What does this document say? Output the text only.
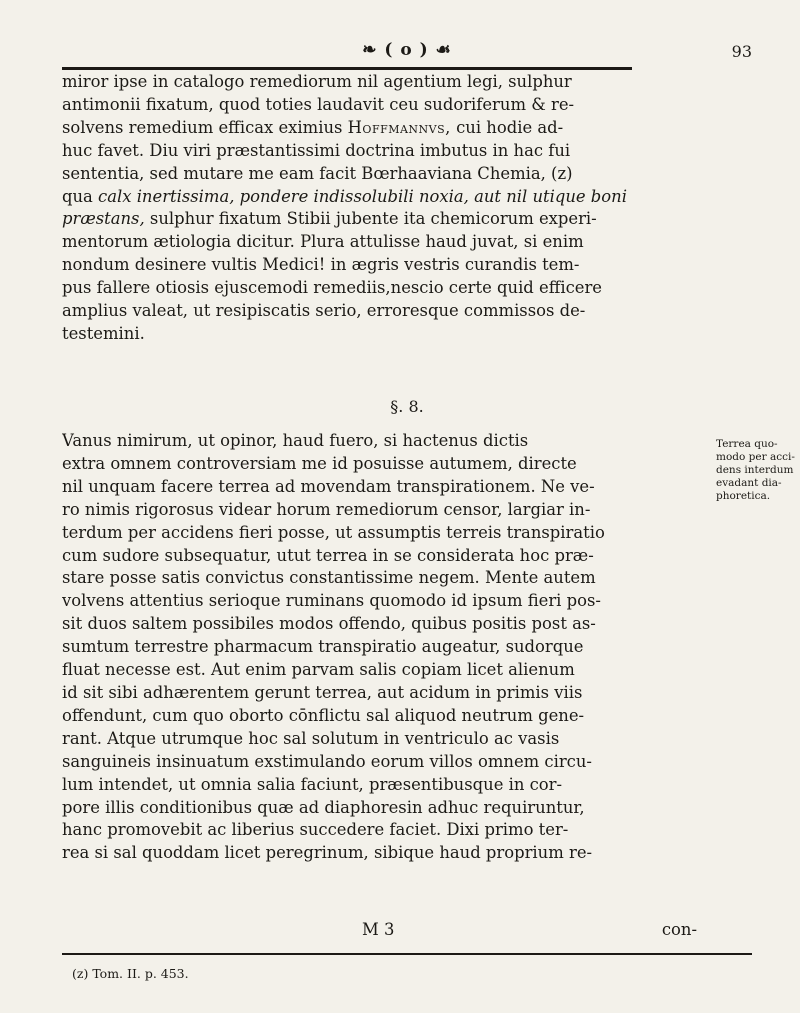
❧ ( o ) ☙	93
miror ipse in catalogo remediorum nil agentium legi, sulphur
antimonii fixatum, quod toties laudavit ceu sudoriferum & re-
solvens remedium efficax eximius Hoffmannvs, cui hodie ad-
huc favet. Diu viri præstantissimi doctrina imbutus in hac fui
sententia, sed mutare me eam facit Bœrhaaviana Chemia, (z)
qua calx inertissima, pondere indissolubili noxia, aut nil utique boni
præstans, sulphur fixatum Stibii jubente ita chemicorum experi-
mentorum ætiologia dicitur. Plura attulisse haud juvat, si enim
nondum desinere vultis Medici! in ægris vestris curandis tem-
pus fallere otiosis ejuscemodi remediis,nescio certe quid efficere
amplius valeat, ut resipiscatis serio, erroresque commissos de-
testemini.
§. 8.
Vanus nimirum, ut opinor, haud fuero, si hactenus dictis
extra omnem controversiam me id posuisse autumem, directe
nil unquam facere terrea ad movendam transpirationem. Ne ve-
ro nimis rigorosus videar horum remediorum censor, largiar in-
terdum per accidens fieri posse, ut assumptis terreis transpiratio
cum sudore subsequatur, utut terrea in se considerata hoc præ-
stare posse satis convictus constantissime negem. Mente autem
volvens attentius serioque ruminans quomodo id ipsum fieri pos-
sit duos saltem possibiles modos offendo, quibus positis post as-
sumtum terrestre pharmacum transpiratio augeatur, sudorque
fluat necesse est. Aut enim parvam salis copiam licet alienum
id sit sibi adhærentem gerunt terrea, aut acidum in primis viis
offendunt, cum quo oborto cōnflictu sal aliquod neutrum gene-
rant. Atque utrumque hoc sal solutum in ventriculo ac vasis
sanguineis insinuatum exstimulando eorum villos omnem circu-
lum intendet, ut omnia salia faciunt, præsentibusque in cor-
pore illis conditionibus quæ ad diaphoresin adhuc requiruntur,
hanc promovebit ac liberius succedere faciet. Dixi primo ter-
rea si sal quoddam licet peregrinum, sibique haud proprium re-
Terrea quo-
modo per acci-
dens interdum
evadant dia-
phoretica.
M 3	con-
(z) Tom. II. p. 453.
